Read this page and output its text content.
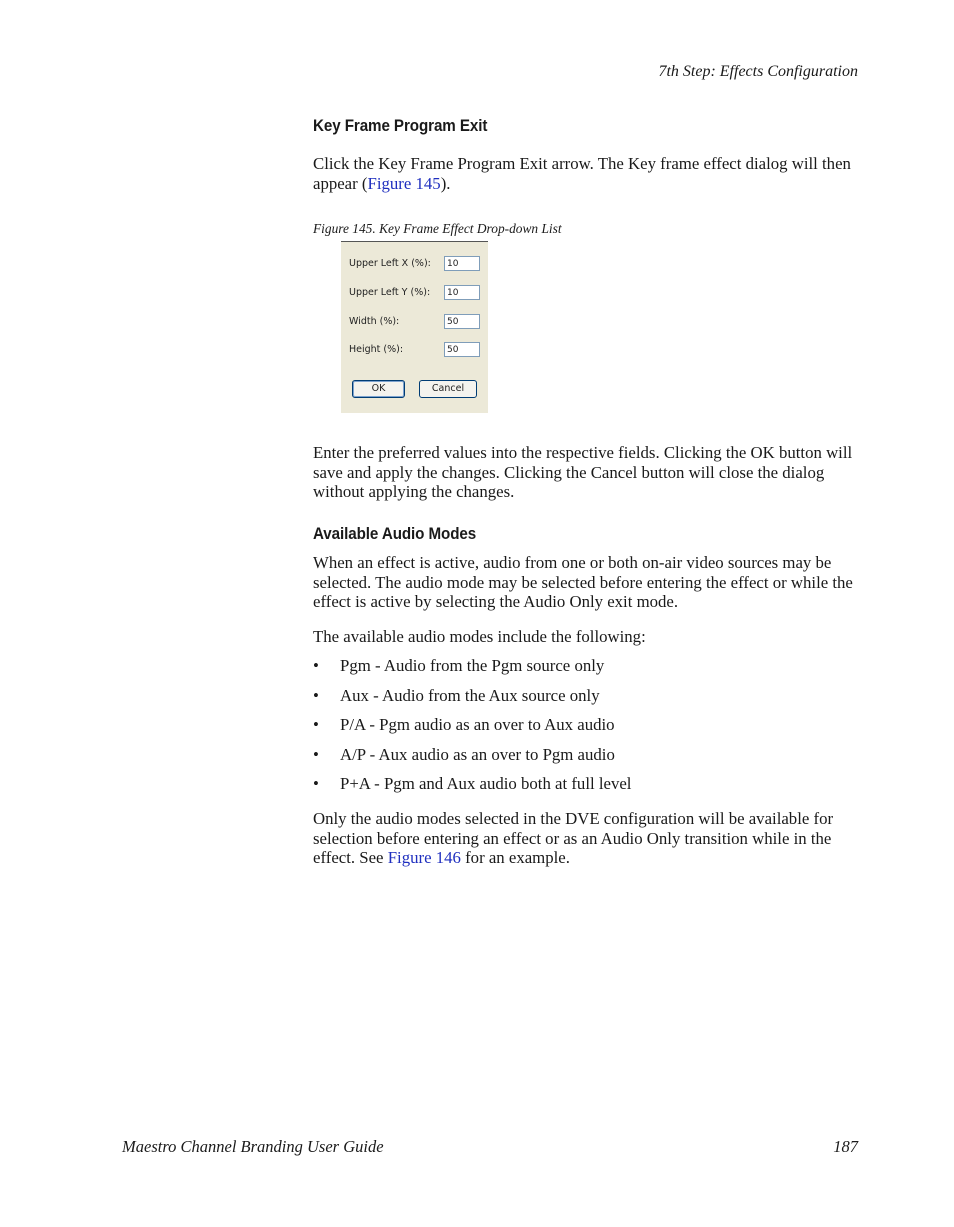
7th Step: Effects Configuration
Key Frame Program Exit

Click the Key Frame Program Exit arrow. The Key frame effect dialog will then appear (Figure 145).

Figure 145. Key Frame Effect Drop-down List
Upper Left X (%):	10
Upper Left Y (%):	10
Width (%):	50
Height (%):	50
OK	Cancel

Enter the preferred values into the respective fields. Clicking the OK button will save and apply the changes. Clicking the Cancel button will close the dialog without applying the changes.

Available Audio Modes

When an effect is active, audio from one or both on-air video sources may be selected. The audio mode may be selected before entering the effect or while the effect is active by selecting the Audio Only exit mode.

The available audio modes include the following:

• Pgm - Audio from the Pgm source only
• Aux - Audio from the Aux source only
• P/A - Pgm audio as an over to Aux audio
• A/P - Aux audio as an over to Pgm audio
• P+A - Pgm and Aux audio both at full level

Only the audio modes selected in the DVE configuration will be available for selection before entering an effect or as an Audio Only transition while in the effect. See Figure 146 for an example.

Maestro Channel Branding User Guide	187
